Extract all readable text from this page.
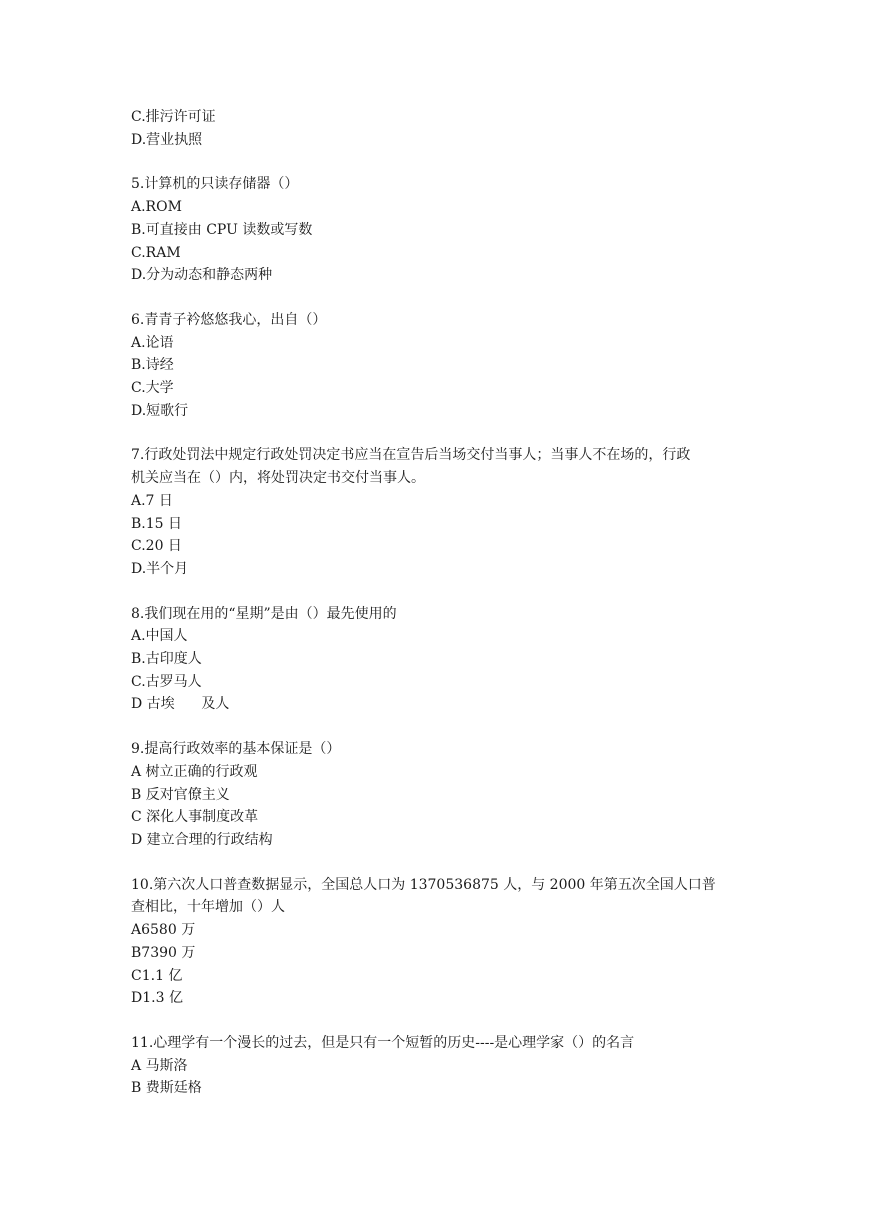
C.排污许可证

D.营业执照

5.计算机的只读存储器（）

A.ROM

B.可直接由 CPU 读数或写数

C.RAM

D.分为动态和静态两种

6.青青子衿悠悠我心，出自（）

A.论语

B.诗经

C.大学

D.短歌行

7.行政处罚法中规定行政处罚决定书应当在宣告后当场交付当事人；当事人不在场的，行政

机关应当在（）内，将处罚决定书交付当事人。

A.7 日

B.15 日

C.20 日

D.半个月

8.我们现在用的“星期”是由（）最先使用的

A.中国人

B.古印度人

C.古罗马人

D 古埃      及人

9.提高行政效率的基本保证是（）

A 树立正确的行政观

B 反对官僚主义

C 深化人事制度改革

D 建立合理的行政结构

10.第六次人口普查数据显示，全国总人口为 1370536875 人，与 2000 年第五次全国人口普

查相比，十年增加（）人

A6580 万

B7390 万

C1.1 亿

D1.3 亿

11.心理学有一个漫长的过去，但是只有一个短暂的历史----是心理学家（）的名言

A 马斯洛

B 费斯廷格
